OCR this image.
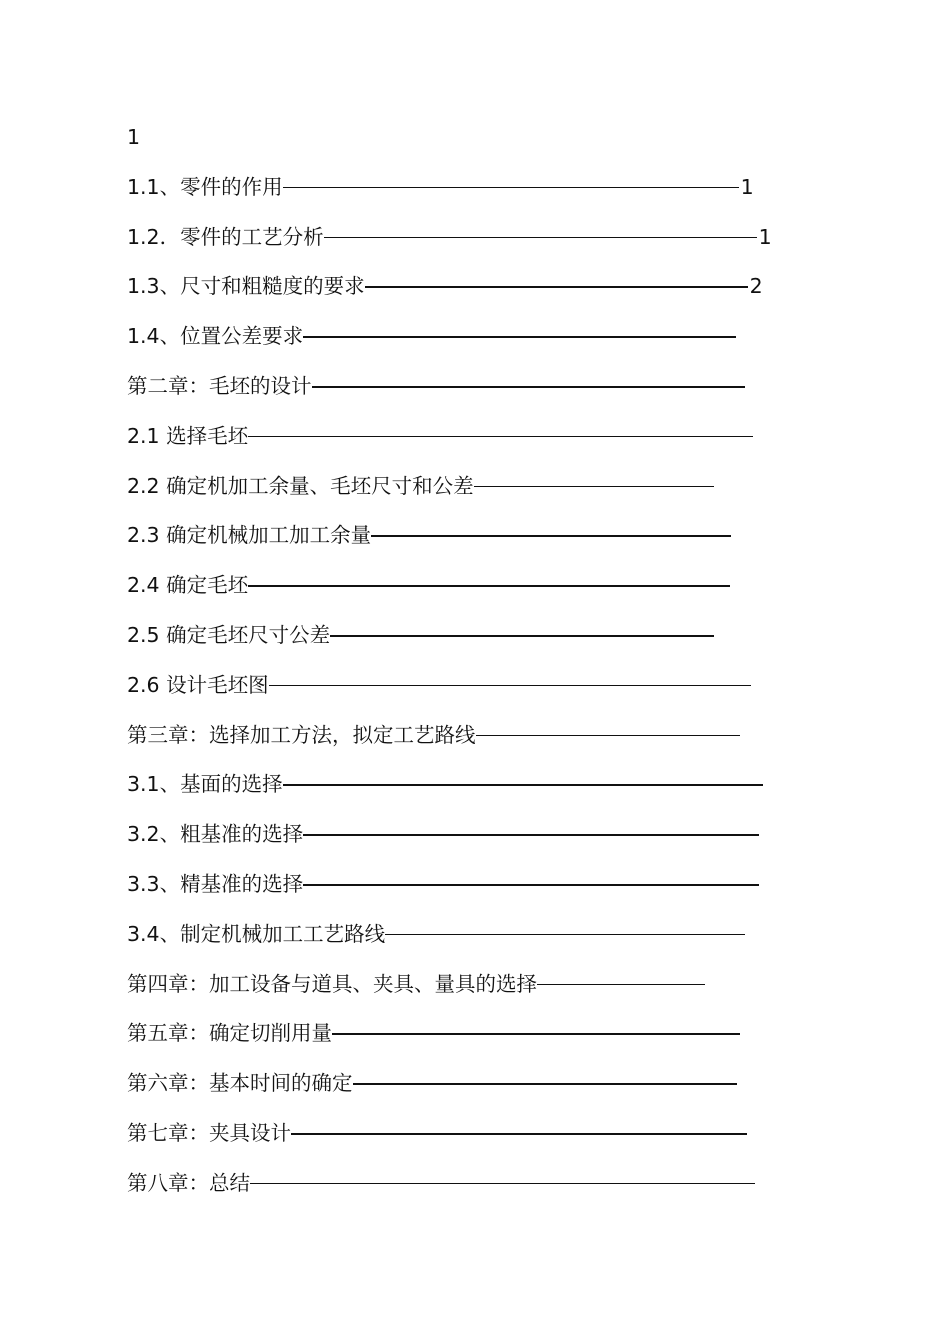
1
1.1、零件的作用	1
1.2．零件的工艺分析	1
1.3、尺寸和粗糙度的要求	2
1.4、位置公差要求
第二章：毛坯的设计
2.1 选择毛坯
2.2 确定机加工余量、毛坯尺寸和公差
2.3 确定机械加工加工余量
2.4 确定毛坯
2.5 确定毛坯尺寸公差
2.6 设计毛坯图
第三章：选择加工方法，拟定工艺路线
3.1、基面的选择
3.2、粗基准的选择
3.3、精基准的选择
3.4、制定机械加工工艺路线
第四章：加工设备与道具、夹具、量具的选择
第五章：确定切削用量
第六章：基本时间的确定
第七章：夹具设计
第八章：总结
